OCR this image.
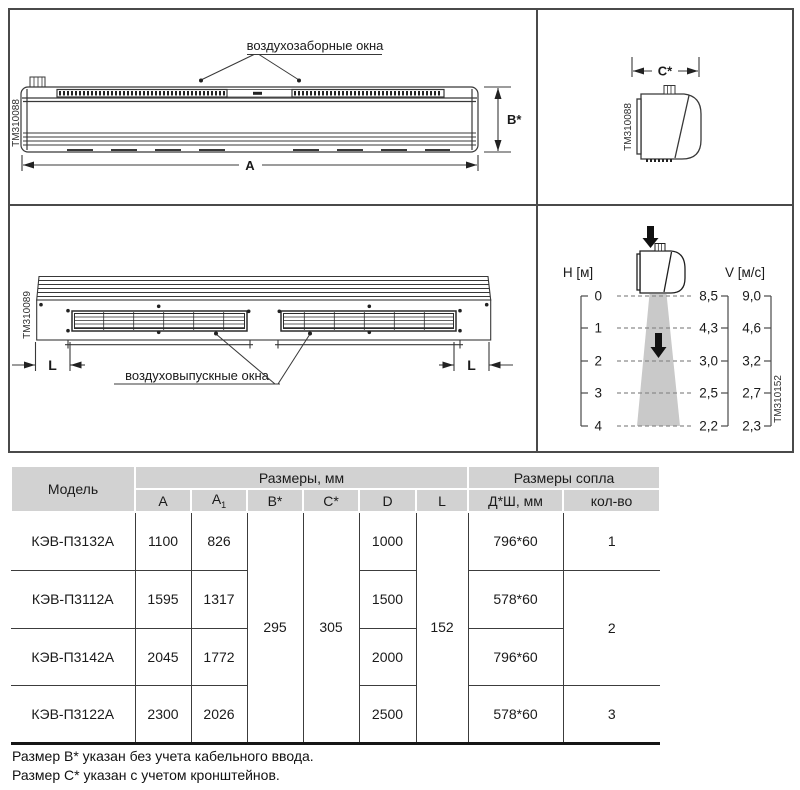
воздухозаборные окна
B*
A
TM310088
C*
TM310088
L	L
воздуховыпускные окна
TM310089
H [м]	V [м/с]
0
1
2
3
4
8,5
4,3
3,0
2,5
2,2
9,0
4,6
3,2
2,7
2,3
TM310152
Модель	Размеры, мм						Размеры сопла	
	A	$A_1$	B*	C*	D	L	Д*Ш, мм	кол-во
КЭВ-П3132А	1100	826	295	305	1000	152	796*60	1
КЭВ-П3112А	1595	1317			1500		578*60	2
КЭВ-П3142А	2045	1772			2000		796*60	
КЭВ-П3122А	2300	2026			2500		578*60	3
Размер B* указан без учета кабельного ввода.
Размер C* указан с учетом кронштейнов.
